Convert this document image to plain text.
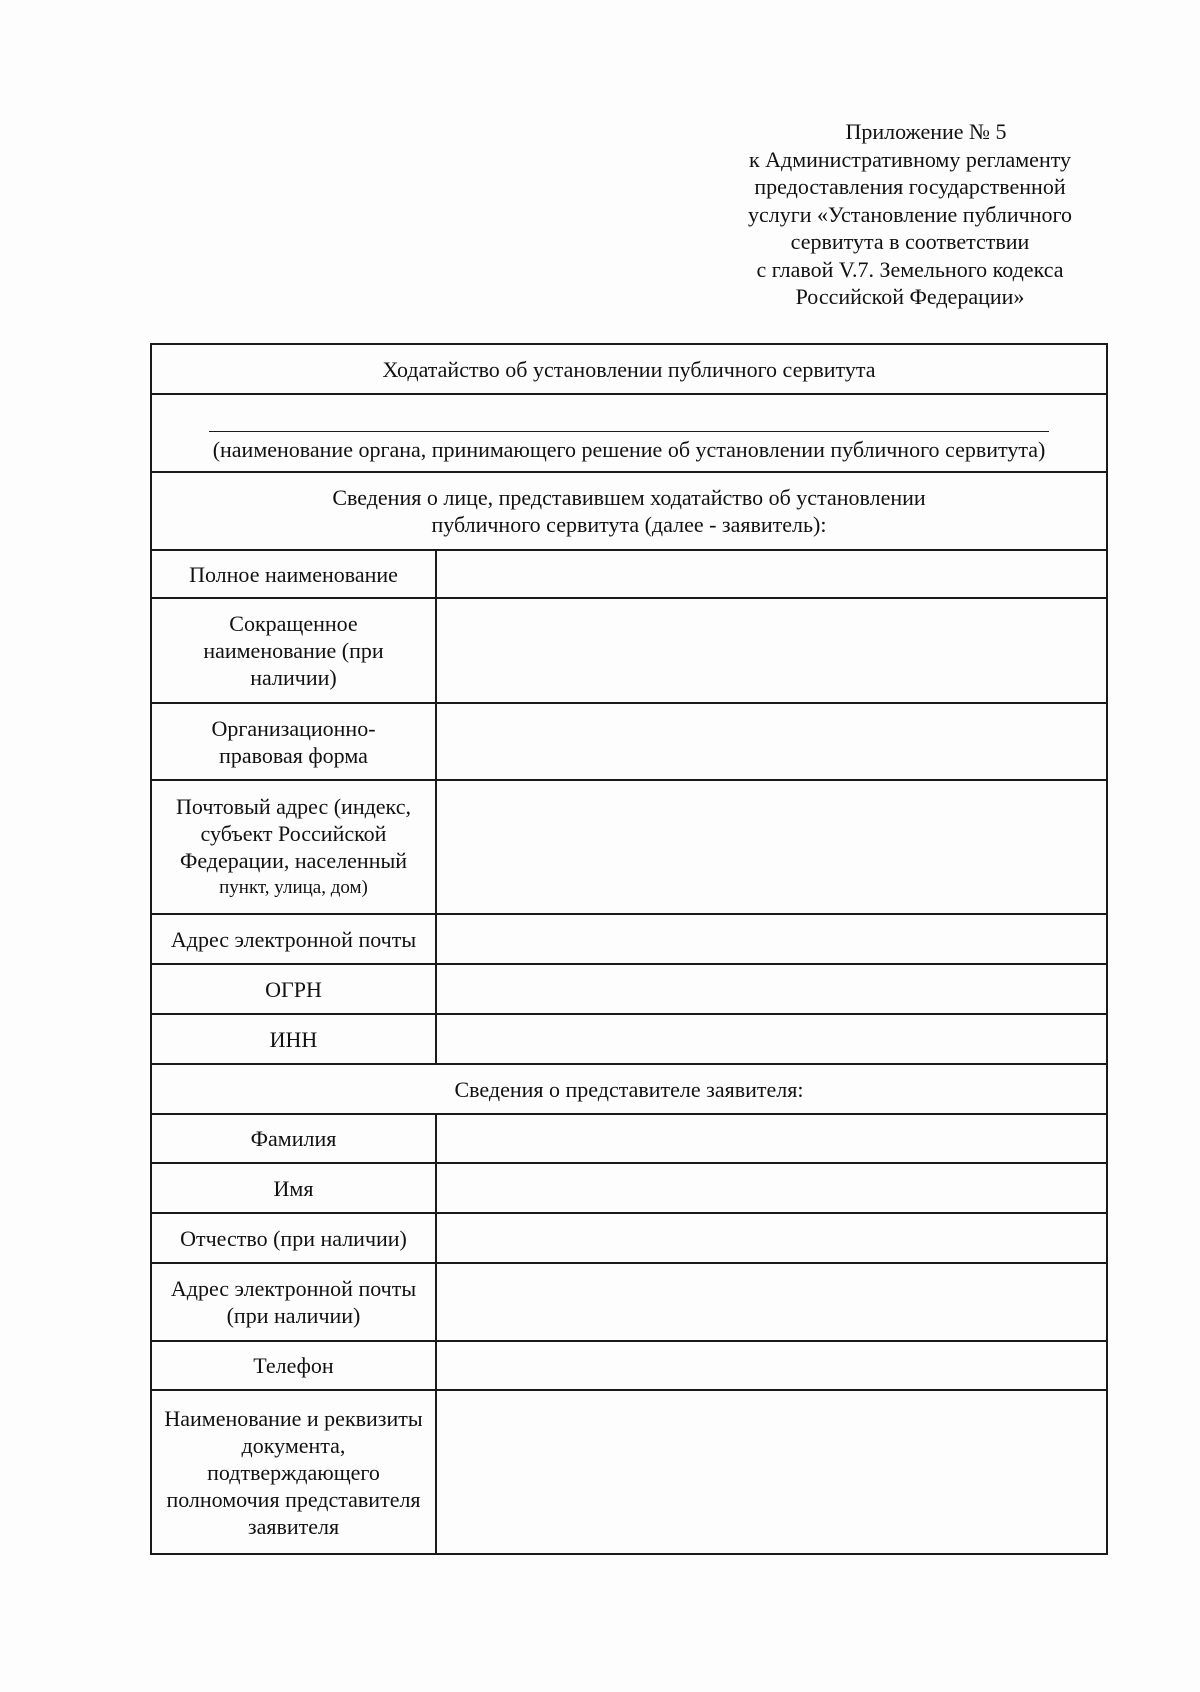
Приложение № 5
к Административному регламенту
предоставления государственной
услуги «Установление публичного
сервитута в соответствии
с главой V.7. Земельного кодекса
Российской Федерации»
Ходатайство об установлении публичного сервитута	

(наименование органа, принимающего решение об установлении публичного сервитута)	

Сведения о лице, представившем ходатайство об установлении публичного сервитута (далее - заявитель):	
Полное наименование	
Сокращенное наименование (при наличии)	
Организационно-правовая форма	

Почтовый адрес (индекс, субъект Российской Федерации, населенный
пункт, улица, дом)	

Адрес электронной почты	
ОГРН	
ИНН	
Сведения о представителе заявителя:	
Фамилия	
Имя	
Отчество (при наличии)	
Адрес электронной почты (при наличии)	
Телефон	
Наименование и реквизиты документа, подтверждающего полномочия представителя заявителя	
